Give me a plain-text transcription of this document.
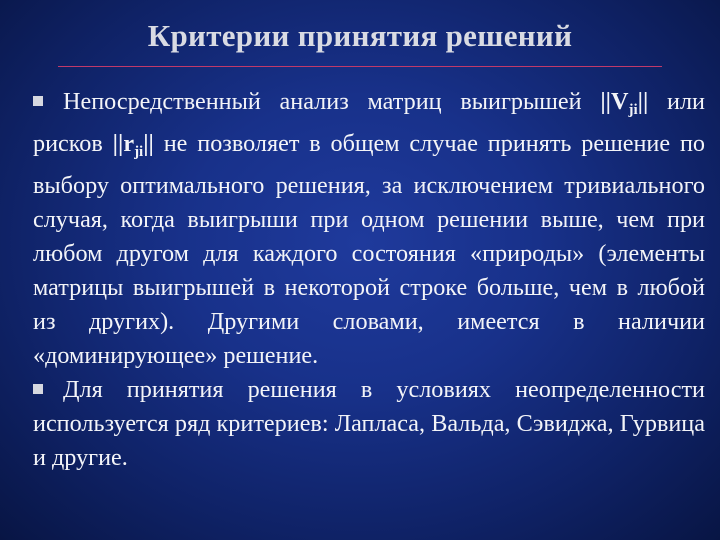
Критерии принятия решений

Непосредственный анализ матриц выигрышей $||V_{ji}||$ или рисков $||r_{ji}||$ не позволяет в общем случае принять решение по выбору оптимального решения, за исключением тривиального случая, когда выигрыши при одном решении выше, чем при любом другом для каждого состояния «природы» (элементы матрицы выигрышей в некоторой строке больше, чем в любой из других). Другими словами, имеется в наличии «доминирующее» решение.

Для принятия решения в условиях неопределенности используется ряд критериев: Лапласа, Вальда, Сэвиджа, Гурвица и другие.
